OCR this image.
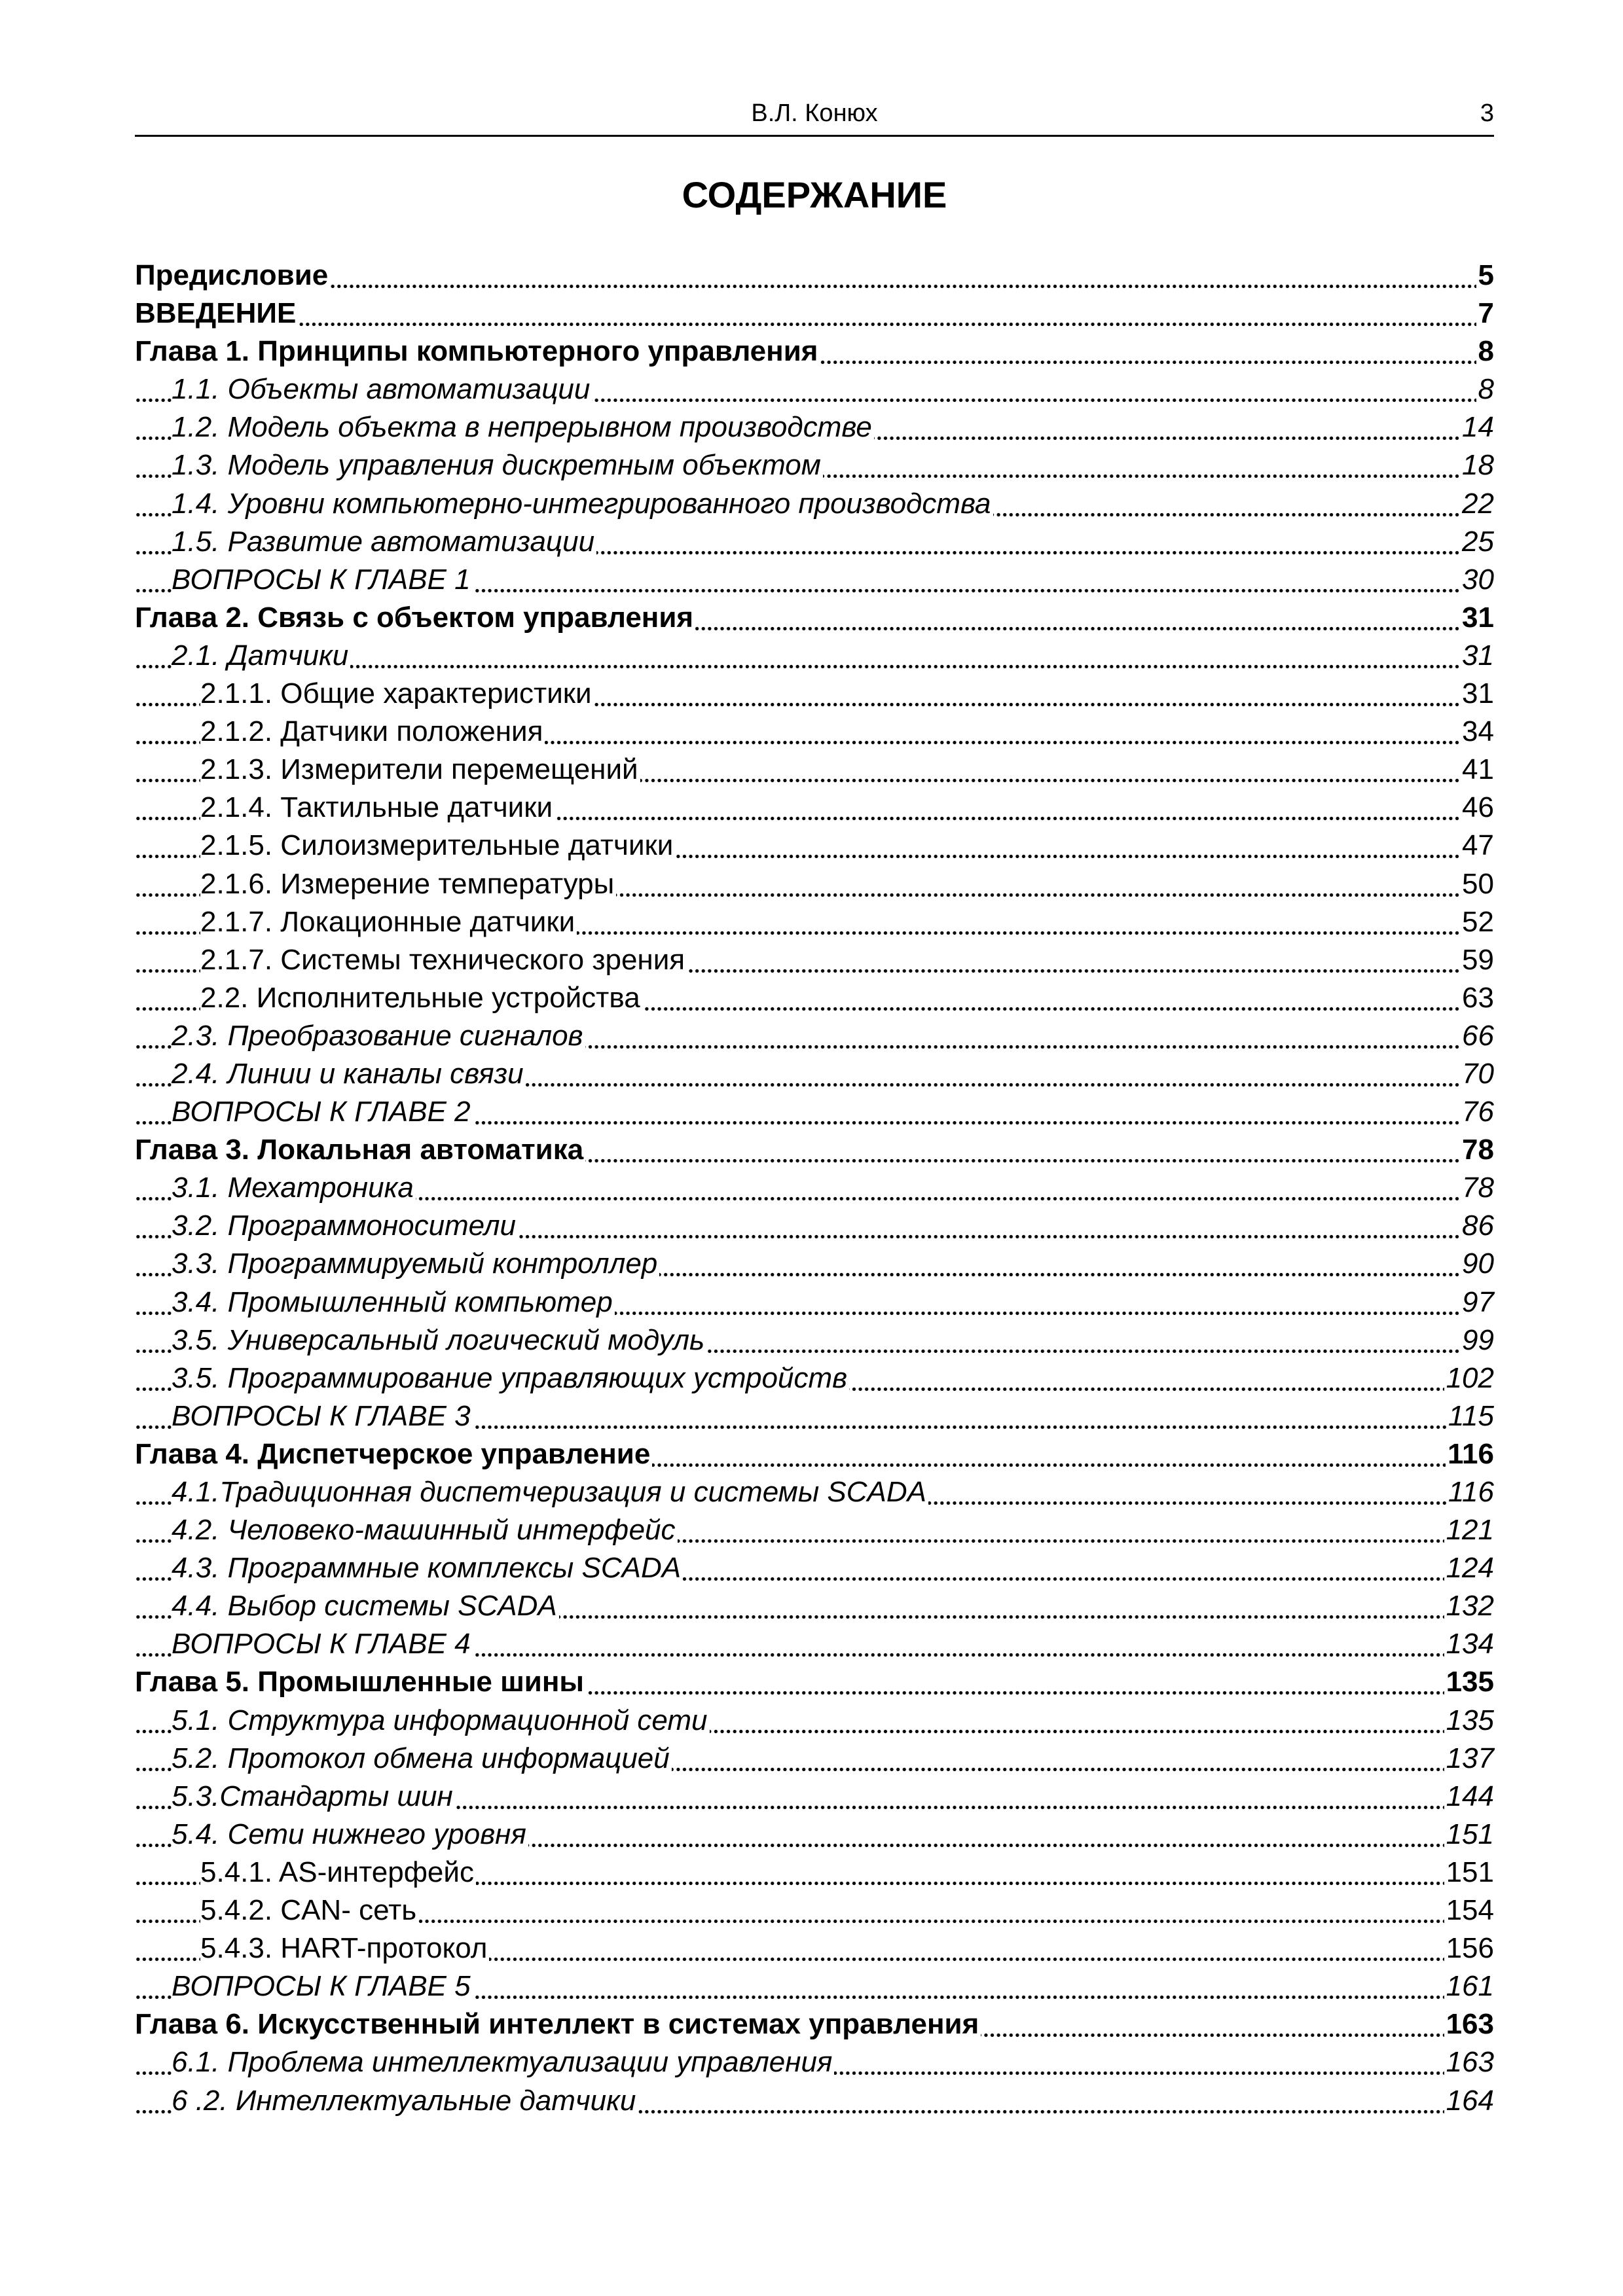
В.Л. Конюх	3
СОДЕРЖАНИЕ
Предисловие	5
ВВЕДЕНИЕ	7
Глава 1. Принципы компьютерного управления	8
1.1. Объекты автоматизации	8
1.2. Модель объекта в непрерывном производстве	14
1.3. Модель управления дискретным объектом	18
1.4. Уровни компьютерно-интегрированного производства	22
1.5. Развитие автоматизации	25
ВОПРОСЫ К ГЛАВЕ 1	30
Глава 2. Связь с объектом управления	31
2.1. Датчики	31
2.1.1. Общие характеристики	31
2.1.2. Датчики положения	34
2.1.3. Измерители перемещений	41
2.1.4. Тактильные датчики	46
2.1.5. Силоизмерительные датчики	47
2.1.6. Измерение температуры	50
2.1.7. Локационные датчики	52
2.1.7. Системы технического зрения	59
2.2. Исполнительные устройства	63
2.3. Преобразование сигналов	66
2.4. Линии и каналы связи	70
ВОПРОСЫ К ГЛАВЕ 2	76
Глава 3. Локальная автоматика	78
3.1. Мехатроника	78
3.2. Программоносители	86
3.3. Программируемый контроллер	90
3.4. Промышленный компьютер	97
3.5. Универсальный логический модуль	99
3.5. Программирование управляющих устройств	102
ВОПРОСЫ К ГЛАВЕ 3	115
Глава 4. Диспетчерское управление	116
4.1.Традиционная диспетчеризация и системы SCADA	116
4.2. Человеко-машинный интерфейс	121
4.3. Программные комплексы SCADA	124
4.4. Выбор системы SCADA	132
ВОПРОСЫ К ГЛАВЕ 4	134
Глава 5. Промышленные шины	135
5.1. Структура информационной сети	135
5.2. Протокол обмена информацией	137
5.3.Стандарты шин	144
5.4. Сети нижнего уровня	151
5.4.1. AS-интерфейс	151
5.4.2. CAN- сеть	154
5.4.3. HART-протокол	156
ВОПРОСЫ К ГЛАВЕ 5	161
Глава 6. Искусственный интеллект в системах управления	163
6.1. Проблема интеллектуализации управления	163
6 .2. Интеллектуальные датчики	164
